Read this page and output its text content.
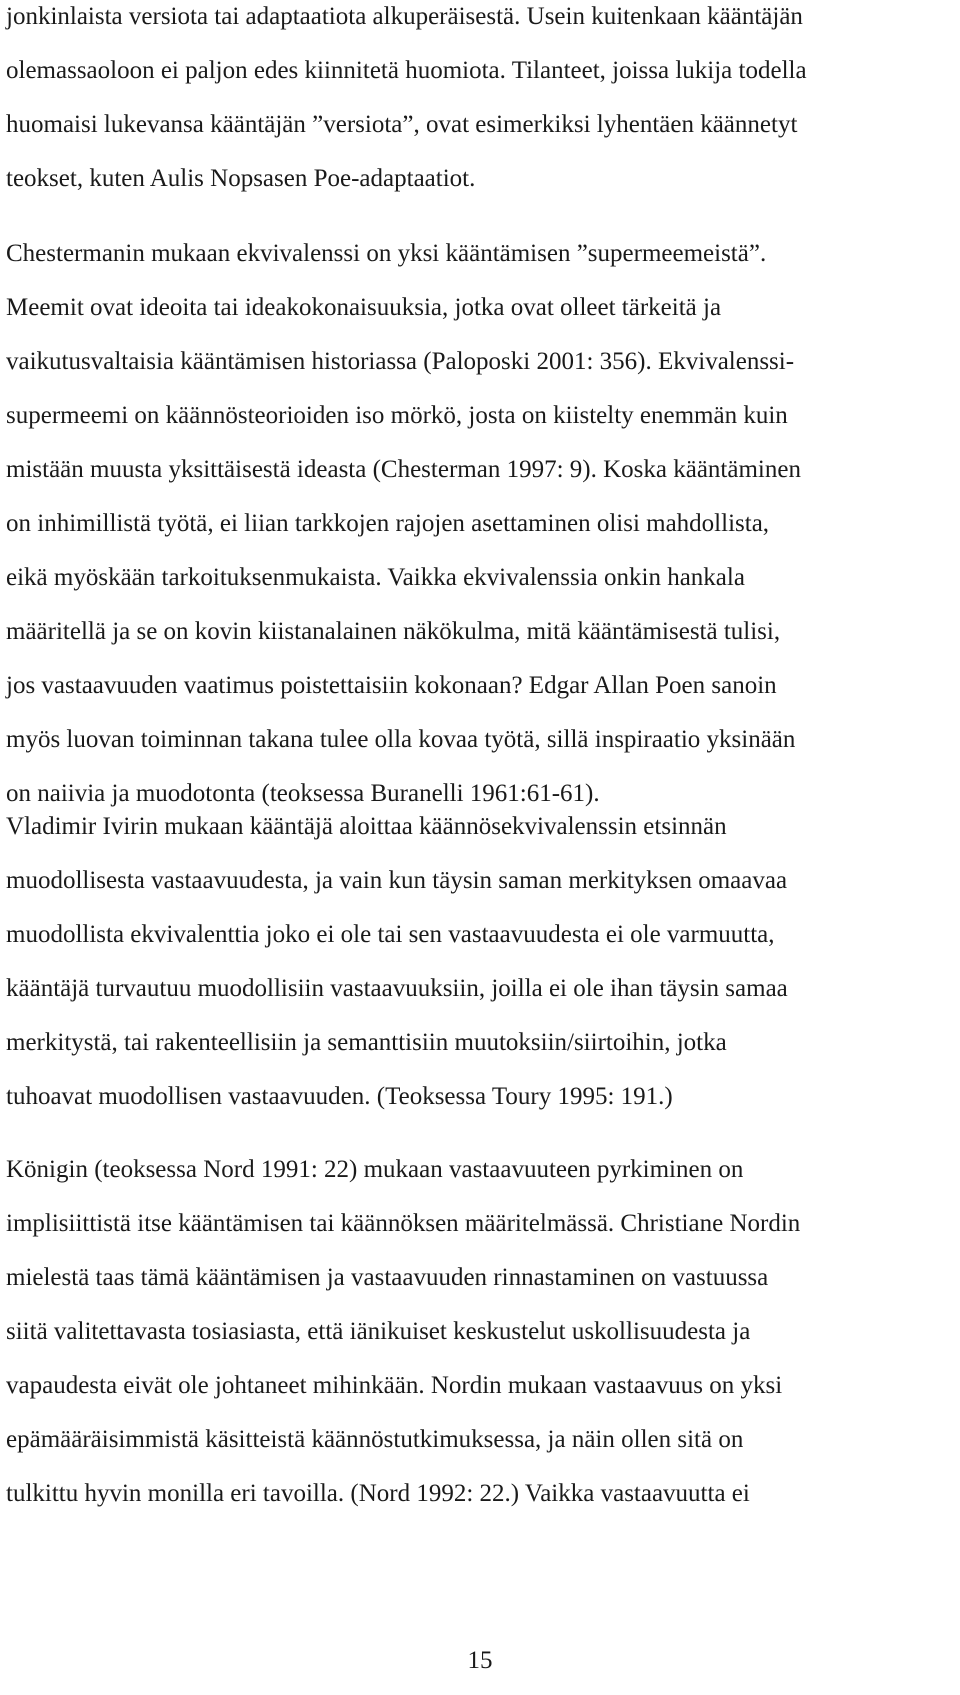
jonkinlaista versiota tai adaptaatiota alkuperäisestä. Usein kuitenkaan kääntäjän
olemassaoloon ei paljon edes kiinnitetä huomiota. Tilanteet, joissa lukija todella
huomaisi lukevansa kääntäjän ”versiota”, ovat esimerkiksi lyhentäen käännetyt
teokset, kuten Aulis Nopsasen Poe-adaptaatiot.

Chestermanin mukaan ekvivalenssi on yksi kääntämisen ”supermeemeistä”.
Meemit ovat ideoita tai ideakokonaisuuksia, jotka ovat olleet tärkeitä ja
vaikutusvaltaisia kääntämisen historiassa (Paloposki 2001: 356). Ekvivalenssi-
supermeemi on käännösteorioiden iso mörkö, josta on kiistelty enemmän kuin
mistään muusta yksittäisestä ideasta (Chesterman 1997: 9). Koska kääntäminen
on inhimillistä työtä, ei liian tarkkojen rajojen asettaminen olisi mahdollista,
eikä myöskään tarkoituksenmukaista. Vaikka ekvivalenssia onkin hankala
määritellä ja se on kovin kiistanalainen näkökulma, mitä kääntämisestä tulisi,
jos vastaavuuden vaatimus poistettaisiin kokonaan? Edgar Allan Poen sanoin
myös luovan toiminnan takana tulee olla kovaa työtä, sillä inspiraatio yksinään
on naiivia ja muodotonta (teoksessa Buranelli 1961:61-61).

Vladimir Ivirin mukaan kääntäjä aloittaa käännösekvivalenssin etsinnän
muodollisesta vastaavuudesta, ja vain kun täysin saman merkityksen omaavaa
muodollista ekvivalenttia joko ei ole tai sen vastaavuudesta ei ole varmuutta,
kääntäjä turvautuu muodollisiin vastaavuuksiin, joilla ei ole ihan täysin samaa
merkitystä, tai rakenteellisiin ja semanttisiin muutoksiin/siirtoihin, jotka
tuhoavat muodollisen vastaavuuden. (Teoksessa Toury 1995: 191.)

Königin (teoksessa Nord 1991: 22) mukaan vastaavuuteen pyrkiminen on
implisiittistä itse kääntämisen tai käännöksen määritelmässä. Christiane Nordin
mielestä taas tämä kääntämisen ja vastaavuuden rinnastaminen on vastuussa
siitä valitettavasta tosiasiasta, että iänikuiset keskustelut uskollisuudesta ja
vapaudesta eivät ole johtaneet mihinkään. Nordin mukaan vastaavuus on yksi
epämääräisimmistä käsitteistä käännöstutkimuksessa, ja näin ollen sitä on
tulkittu hyvin monilla eri tavoilla. (Nord 1992: 22.) Vaikka vastaavuutta ei

15
